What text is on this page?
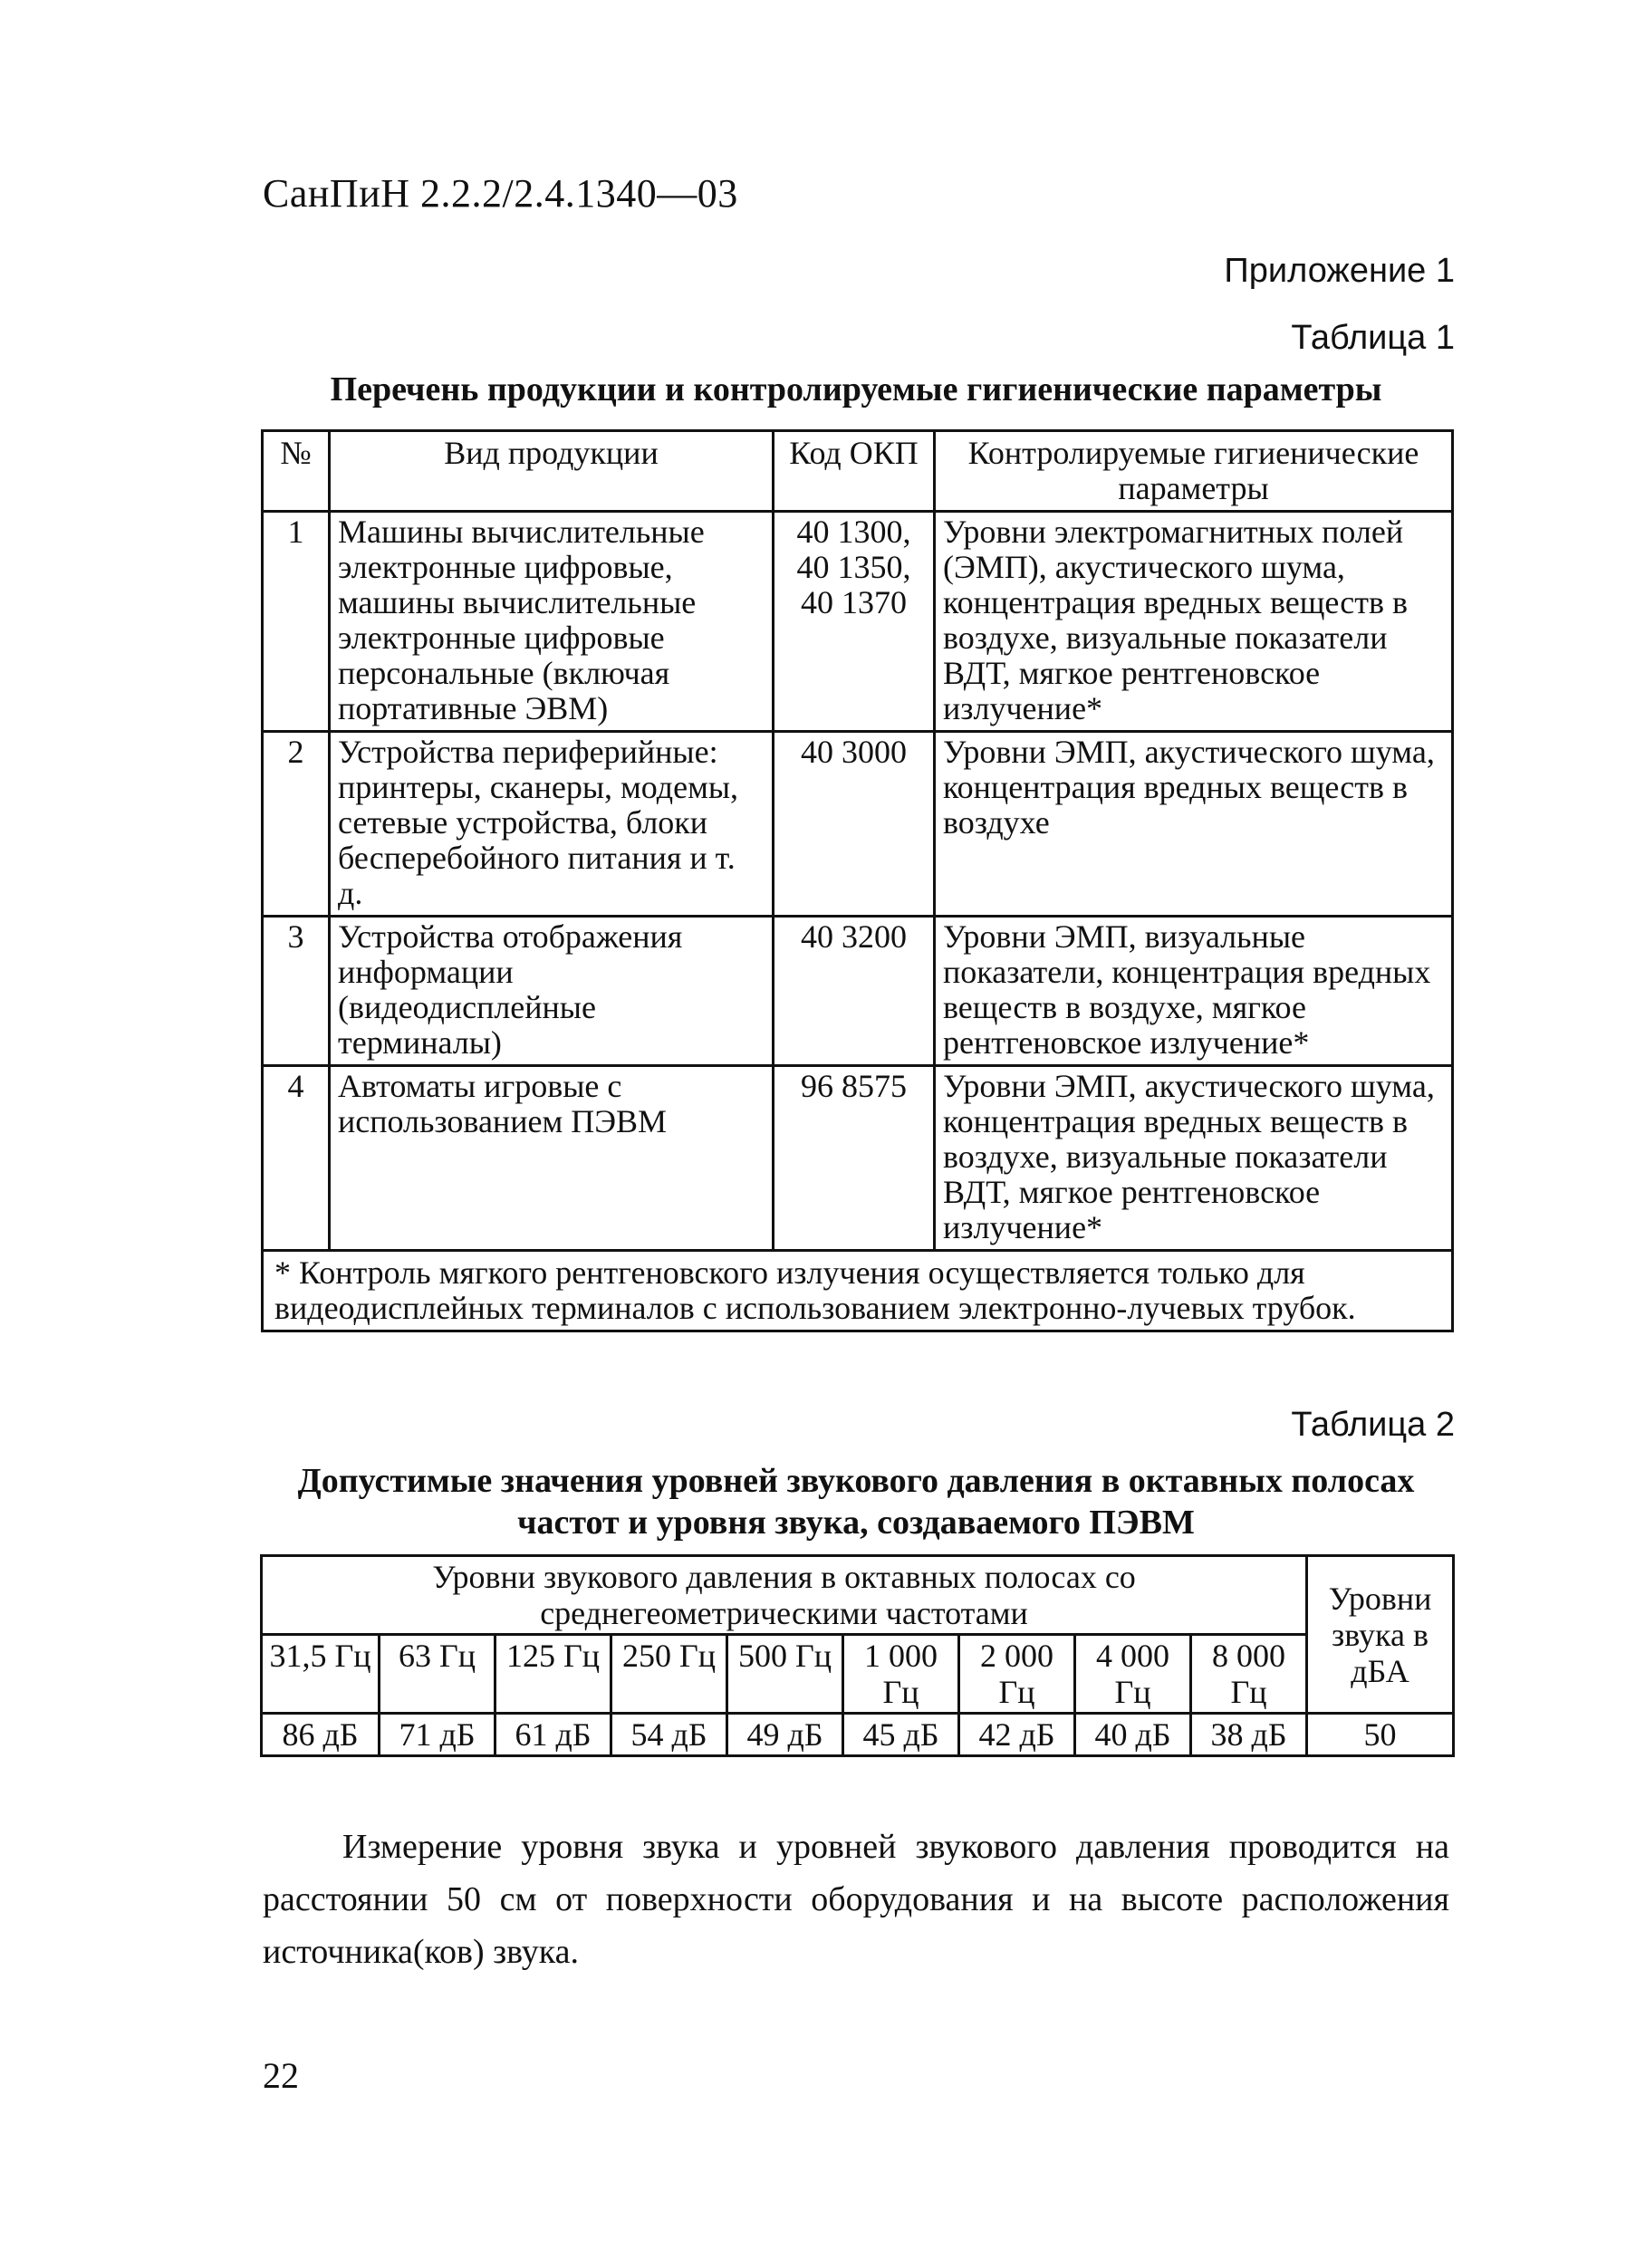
СанПиН 2.2.2/2.4.1340—03
Приложение 1
Таблица 1
Перечень продукции и контролируемые гигиенические параметры
№	Вид продукции	Код ОКП	Контролируемые гигиенические параметры
1	Машины вычислительные электронные цифровые, машины вычислительные электронные цифровые персональные (включая портативные ЭВМ)	40 1300, 40 1350, 40 1370	Уровни электромагнитных полей (ЭМП), акустического шума, концентрация вредных веществ в воздухе, визуальные показатели ВДТ, мягкое рентгеновское излучение*
2	Устройства периферийные: принтеры, сканеры, модемы, сетевые устройства, блоки бесперебойного питания и т. д.	40 3000	Уровни ЭМП, акустического шума, концентрация вредных веществ в воздухе
3	Устройства отображения информации (видеодисплейные терминалы)	40 3200	Уровни ЭМП, визуальные показатели, концентрация вредных веществ в воздухе, мягкое рентгеновское излучение*
4	Автоматы игровые с использованием ПЭВМ	96 8575	Уровни ЭМП, акустического шума, концентрация вредных веществ в воздухе, визуальные показатели ВДТ, мягкое рентгеновское излучение*
* Контроль мягкого рентгеновского излучения осуществляется только для видеодисплейных терминалов с использованием электронно-лучевых трубок.			
Таблица 2
Допустимые значения уровней звукового давления в октавных полосах частот и уровня звука, создаваемого ПЭВМ
Уровни звукового давления в октавных полосах со среднегеометрическими частотами									Уровни звука в дБА
31,5 Гц	63 Гц	125 Гц	250 Гц	500 Гц	1 000 Гц	2 000 Гц	4 000 Гц	8 000 Гц	
86 дБ	71 дБ	61 дБ	54 дБ	49 дБ	45 дБ	42 дБ	40 дБ	38 дБ	50
Измерение уровня звука и уровней звукового давления проводится на расстоянии 50 см от поверхности оборудования и на высоте расположения источника(ков) звука.
22
